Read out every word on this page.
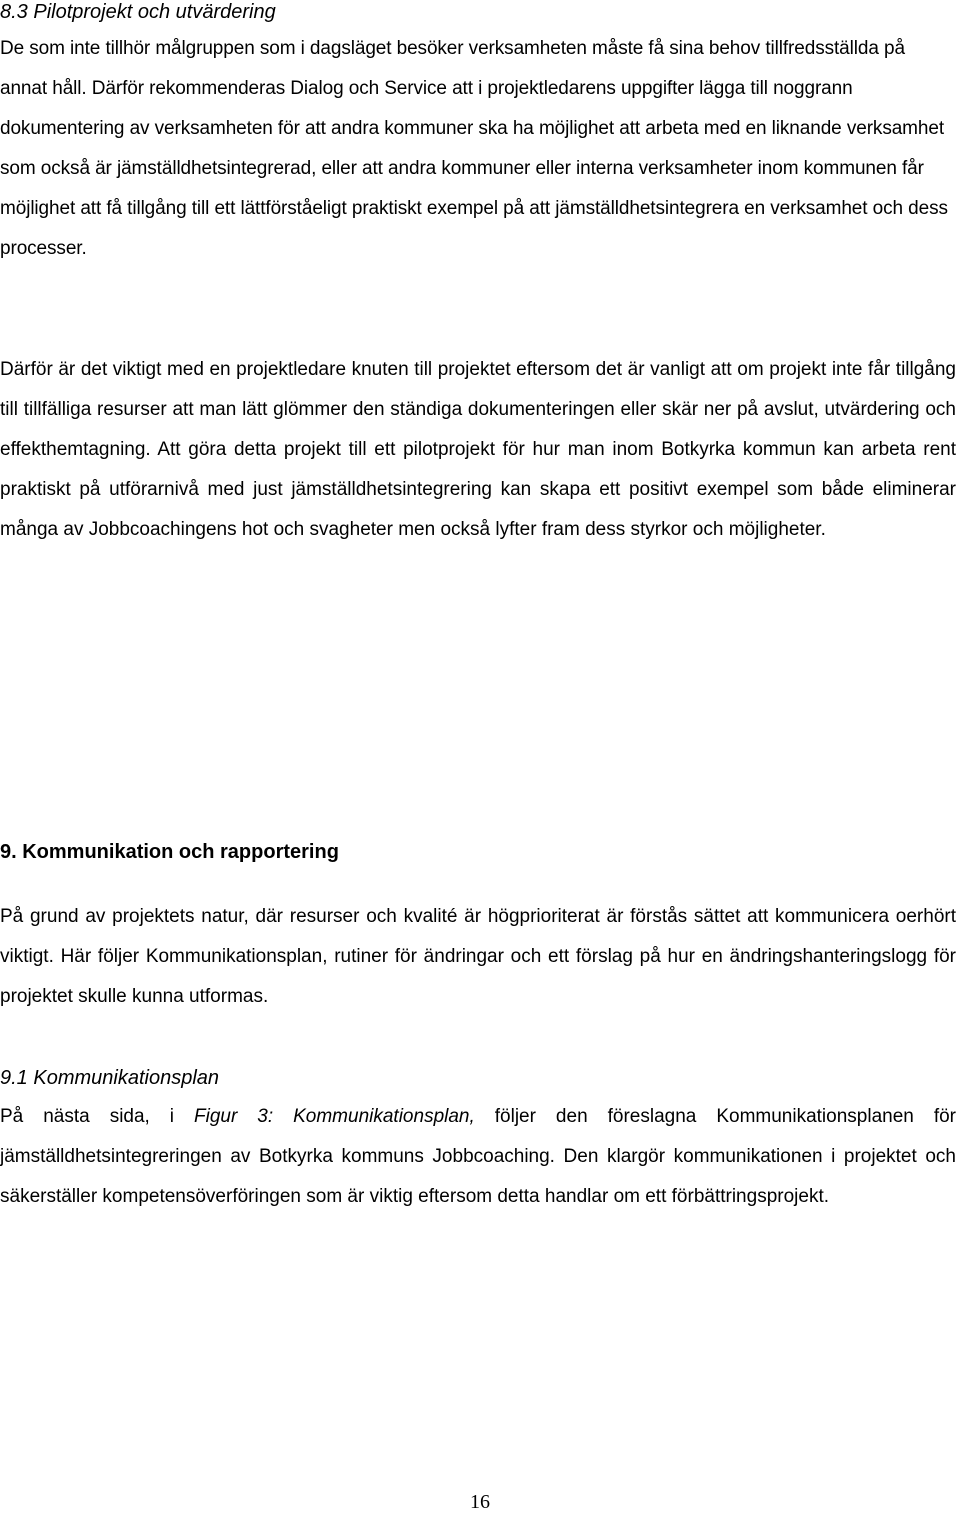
8.3 Pilotprojekt och utvärdering

De som inte tillhör målgruppen som i dagsläget besöker verksamheten måste få sina behov tillfredsställda på annat håll. Därför rekommenderas Dialog och Service att i projektledarens uppgifter lägga till noggrann dokumentering av verksamheten för att andra kommuner ska ha möjlighet att arbeta med en liknande verksamhet som också är jämställdhetsintegrerad, eller att andra kommuner eller interna verksamheter inom kommunen får möjlighet att få tillgång till ett lättförståeligt praktiskt exempel på att jämställdhetsintegrera en verksamhet och dess processer.

Därför är det viktigt med en projektledare knuten till projektet eftersom det är vanligt att om projekt inte får tillgång till tillfälliga resurser att man lätt glömmer den ständiga dokumenteringen eller skär ner på avslut, utvärdering och effekthemtagning. Att göra detta projekt till ett pilotprojekt för hur man inom Botkyrka kommun kan arbeta rent praktiskt på utförarnivå med just jämställdhetsintegrering kan skapa ett positivt exempel som både eliminerar många av Jobbcoachingens hot och svagheter men också lyfter fram dess styrkor och möjligheter.

9. Kommunikation och rapportering

På grund av projektets natur, där resurser och kvalité är högprioriterat är förstås sättet att kommunicera oerhört viktigt. Här följer Kommunikationsplan, rutiner för ändringar och ett förslag på hur en ändringshanteringslogg för projektet skulle kunna utformas.

9.1 Kommunikationsplan

På nästa sida, i Figur 3: Kommunikationsplan, följer den föreslagna Kommunikationsplanen för jämställdhetsintegreringen av Botkyrka kommuns Jobbcoaching. Den klargör kommunikationen i projektet och säkerställer kompetensöverföringen som är viktig eftersom detta handlar om ett förbättringsprojekt.

16
